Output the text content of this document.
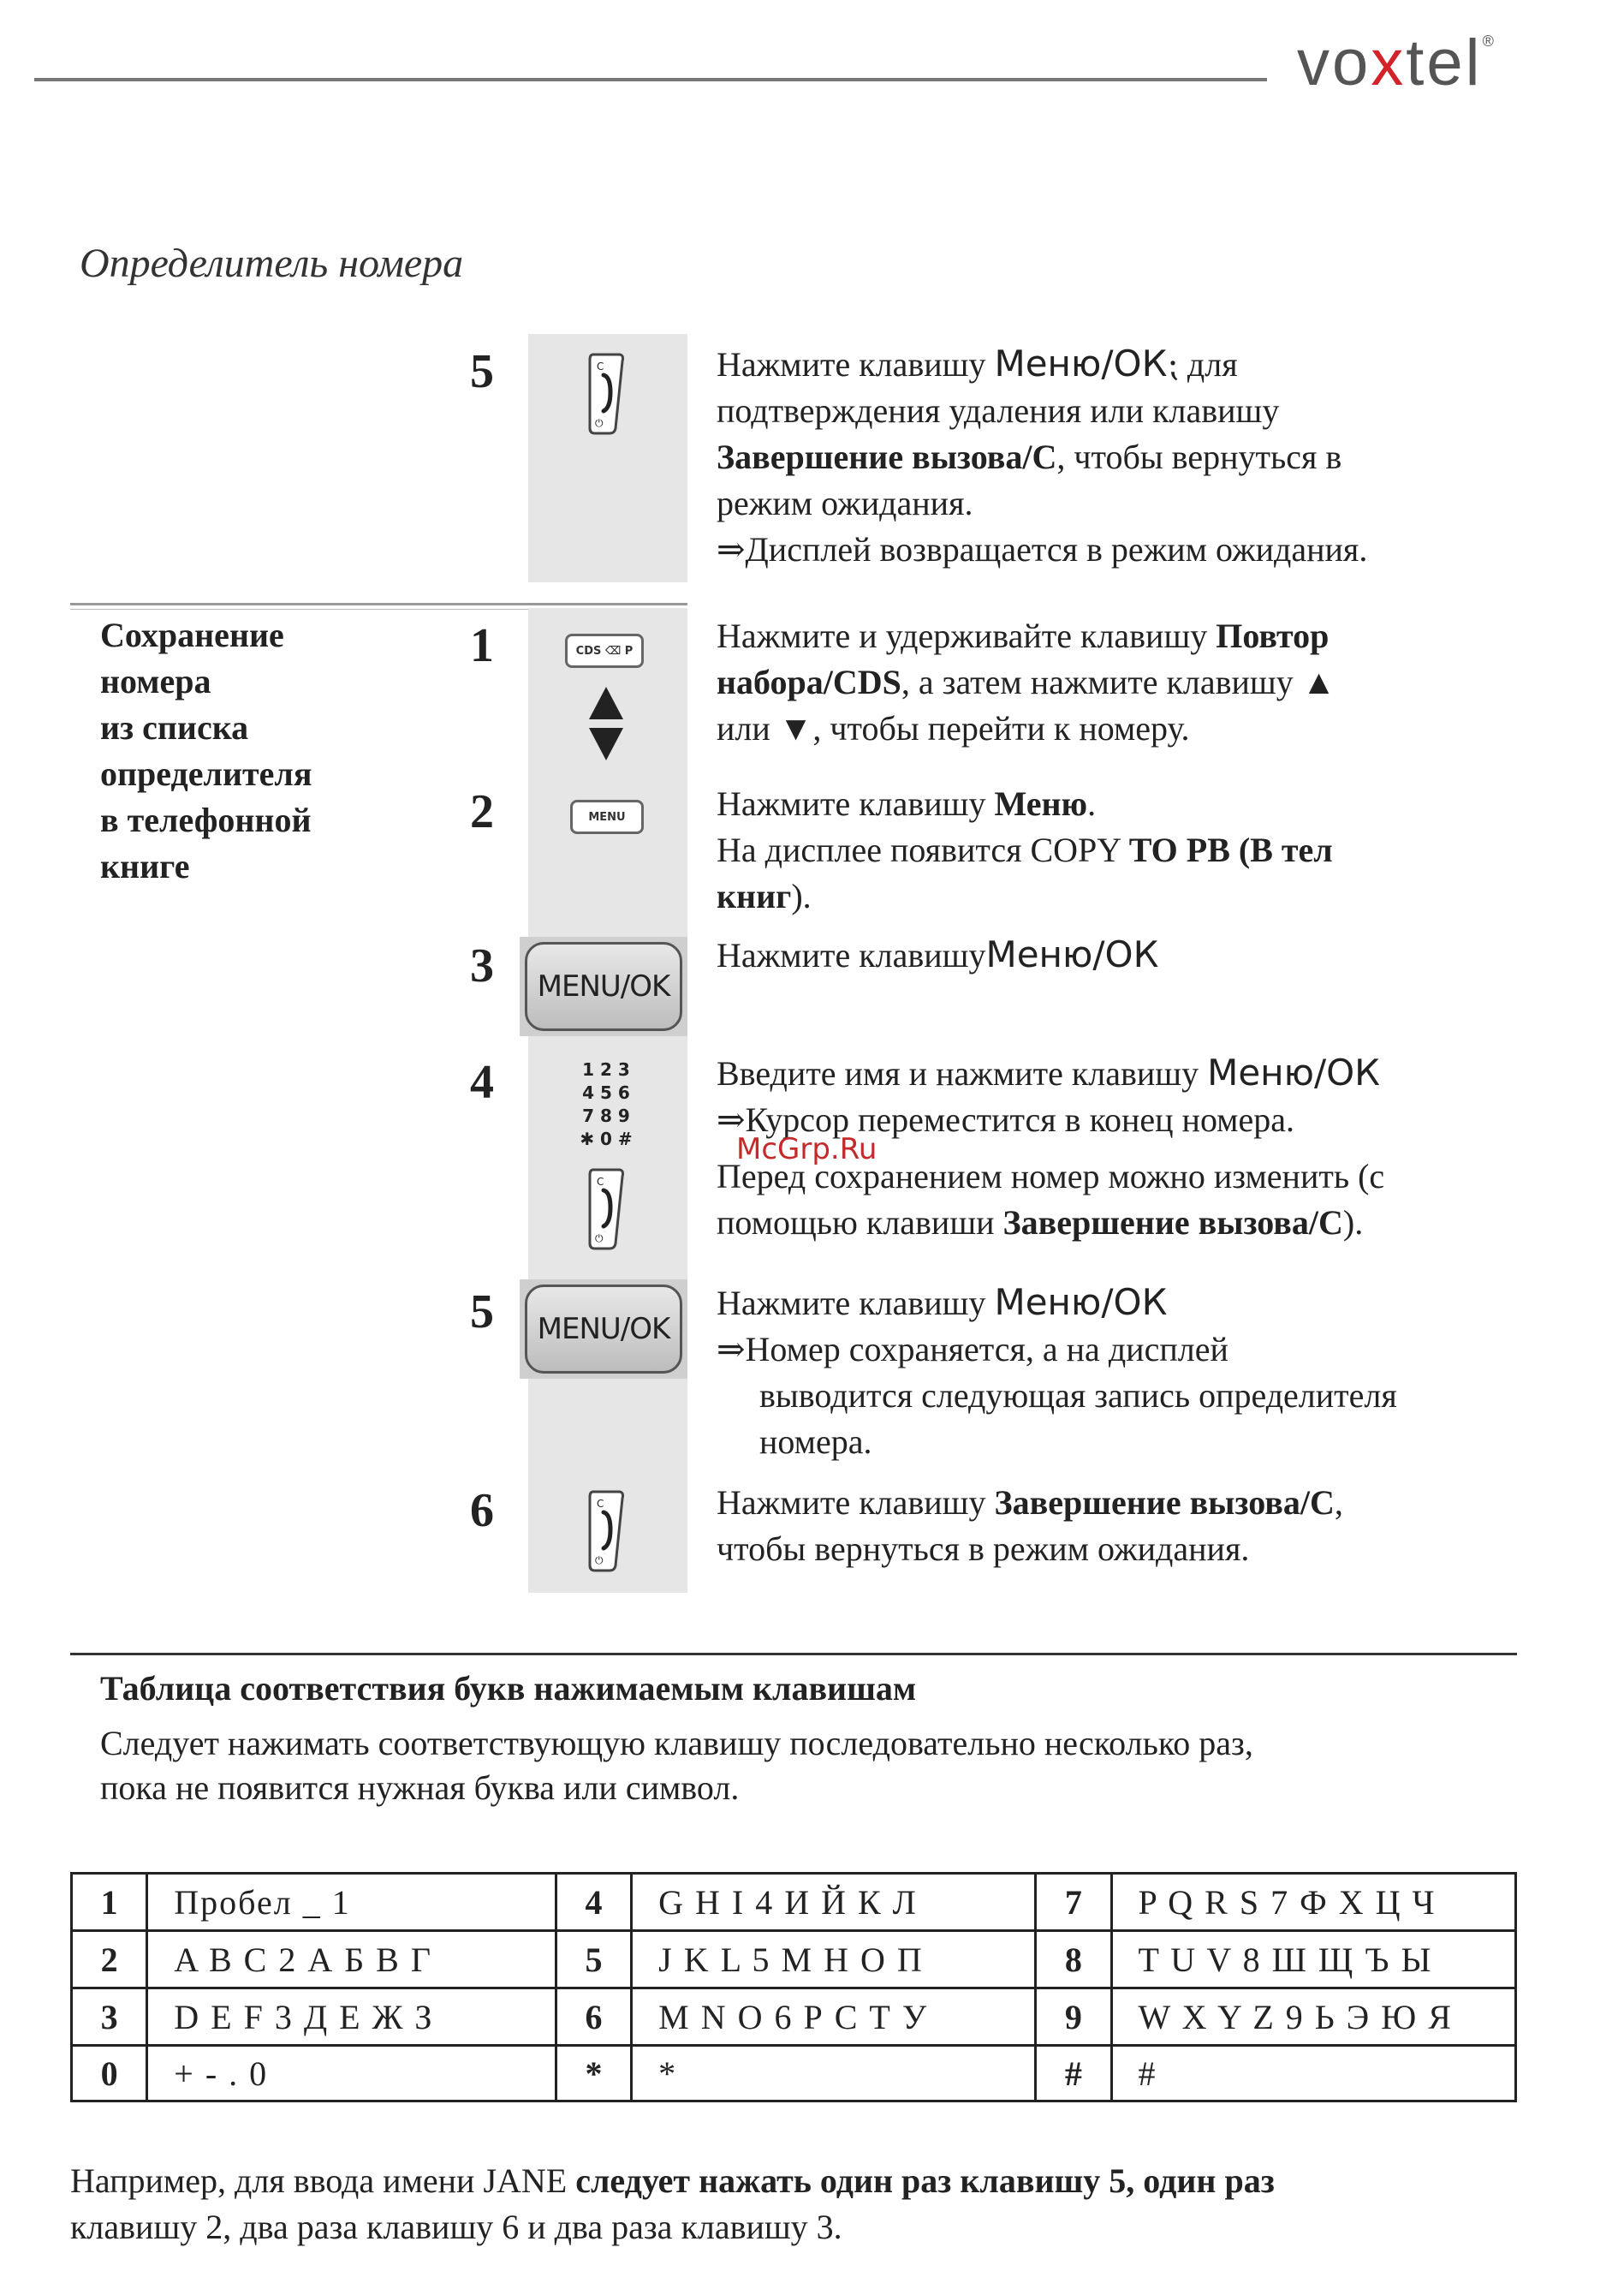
voxtel®
Определитель номера
5	C
⏻
Нажмите клавишу Меню/ОК⁏ для
подтверждения удаления или клавишу
Завершение вызова/С, чтобы вернуться в
режим ожидания.
⇒Дисплей возвращается в режим ожидания.
Сохранение
номера
из списка
определителя
в телефонной
книге
1	CDS ⌫ P	Нажмите и удерживайте клавишу Повтор
набора/CDS, а затем нажмите клавишу ▲
или ▼, чтобы перейти к номеру.
2	MENU	Нажмите клавишу Меню.
На дисплее появится COPY TO PB (В тел
книг).
3	MENU/OK
Нажмите клавишуМеню/ОК
4	1 2 3
4 5 6
7 8 9
✱ 0 #
C
⏻
Введите имя и нажмите клавишу Меню/ОК
⇒Курсор переместится в конец номера.
Перед сохранением номер можно изменить (с
помощью клавиши Завершение вызова/С).
5	MENU/OK
Нажмите клавишу Меню/ОК
⇒Номер сохраняется, а на дисплей
выводится следующая запись определителя
номера.
6	C
⏻
Нажмите клавишу Завершение вызова/С,
чтобы вернуться в режим ожидания.
McGrp.Ru
Таблица соответствия букв нажимаемым клавишам
Следует нажимать соответствующую клавишу последовательно несколько раз,
пока не появится нужная буква или символ.
1	Пробел _ 1	4	G H I 4 И Й К Л	7	P Q R S 7 Ф Х Ц Ч
2	A B C 2 А Б В Г	5	J K L 5 М Н О П	8	T U V 8 Ш Щ Ъ Ы
3	D E F 3 Д Е Ж З	6	M N O 6 Р С Т У	9	W X Y Z 9 Ь Э Ю Я
0	+ - . 0	*	*	#	#
Например, для ввода имени JANE следует нажать один раз клавишу 5, один раз
клавишу 2, два раза клавишу 6 и два раза клавишу 3.
